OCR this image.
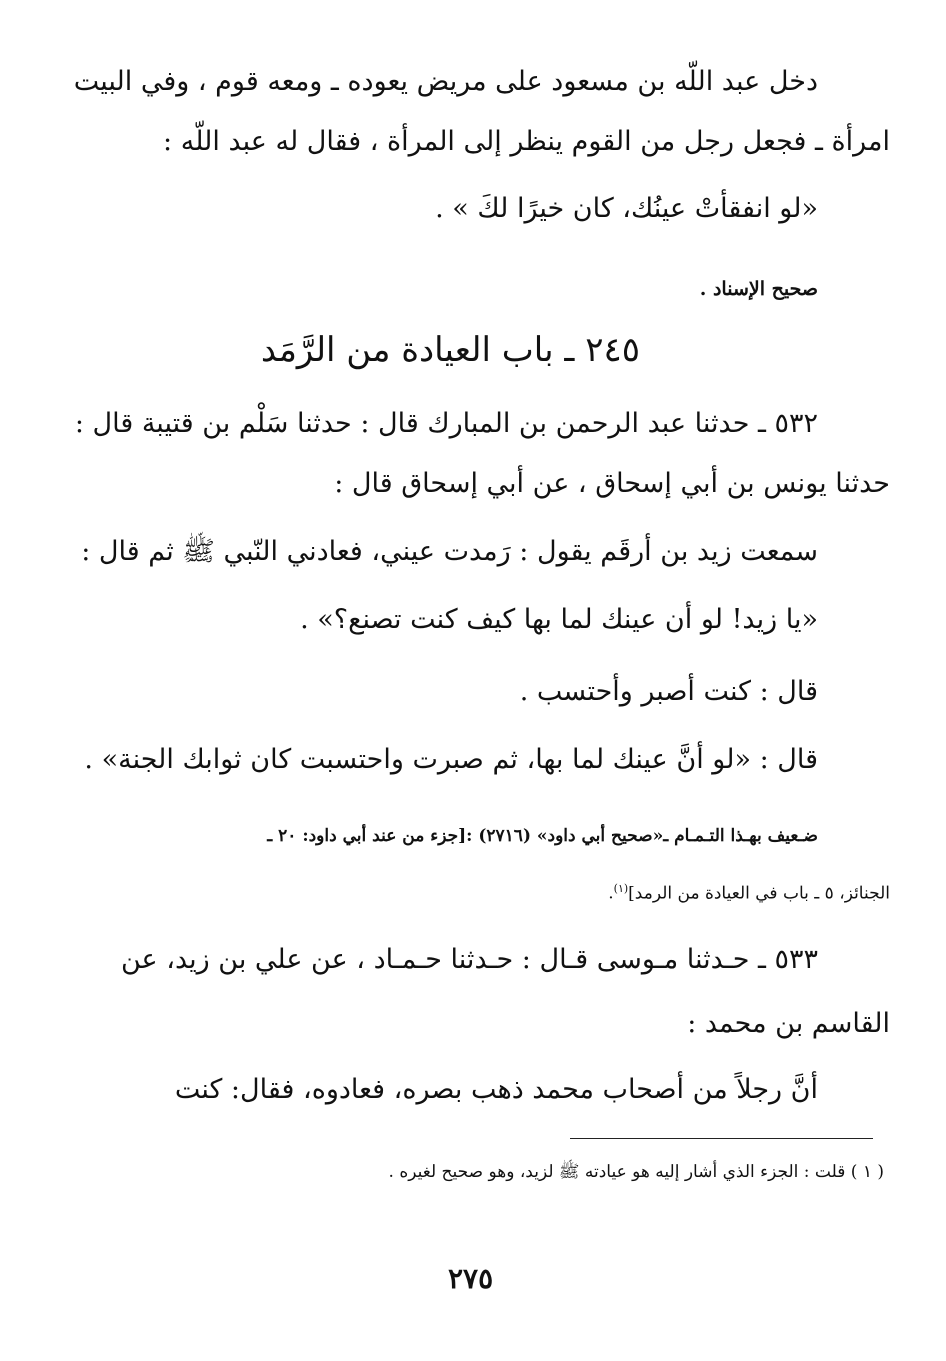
دخل عبد اللّه بن مسعود على مريض يعوده ـ ومعه قوم ، وفي البيت
امرأة ـ فجعل رجل من القوم ينظر إلى المرأة ، فقال له عبد اللّه :
«لو انفقأتْ عينُك، كان خيرًا لكَ » .
صحيح الإسناد .
٢٤٥ ـ باب العيادة من الرَّمَد
٥٣٢ ـ حدثنا عبد الرحمن بن المبارك قال : حدثنا سَلْم بن قتيبة قال :
حدثنا يونس بن أبي إسحاق ، عن أبي إسحاق قال :
سمعت زيد بن أرقَم يقول : رَمدت عيني، فعادني النّبي ﷺ ثم قال :
«يا زيد! لو أن عينك لما بها كيف كنت تصنع؟» .
قال : كنت أصبر وأحتسب .
قال : «لو أنَّ عينك لما بها، ثم صبرت واحتسبت كان ثوابك الجنة» .
ضـعيف بهـذا التـمـام ـ«صحيح أبي داود» (٢٧١٦) :[جزء من عند أبي داود: ٢٠ ـ
الجنائز، ٥ ـ باب في العيادة من الرمد]$^{(١)}$.
٥٣٣ ـ حـدثنا مـوسى قـال : حـدثنا حـمـاد ، عن علي بن زيد، عن
القاسم بن محمد :
أنَّ رجلاً من أصحاب محمد ذهب بصره، فعادوه، فقال: كنت
( ١ ) قلت : الجزء الذي أشار إليه هو عيادته ﷺ لزيد، وهو صحيح لغيره .
٢٧٥
